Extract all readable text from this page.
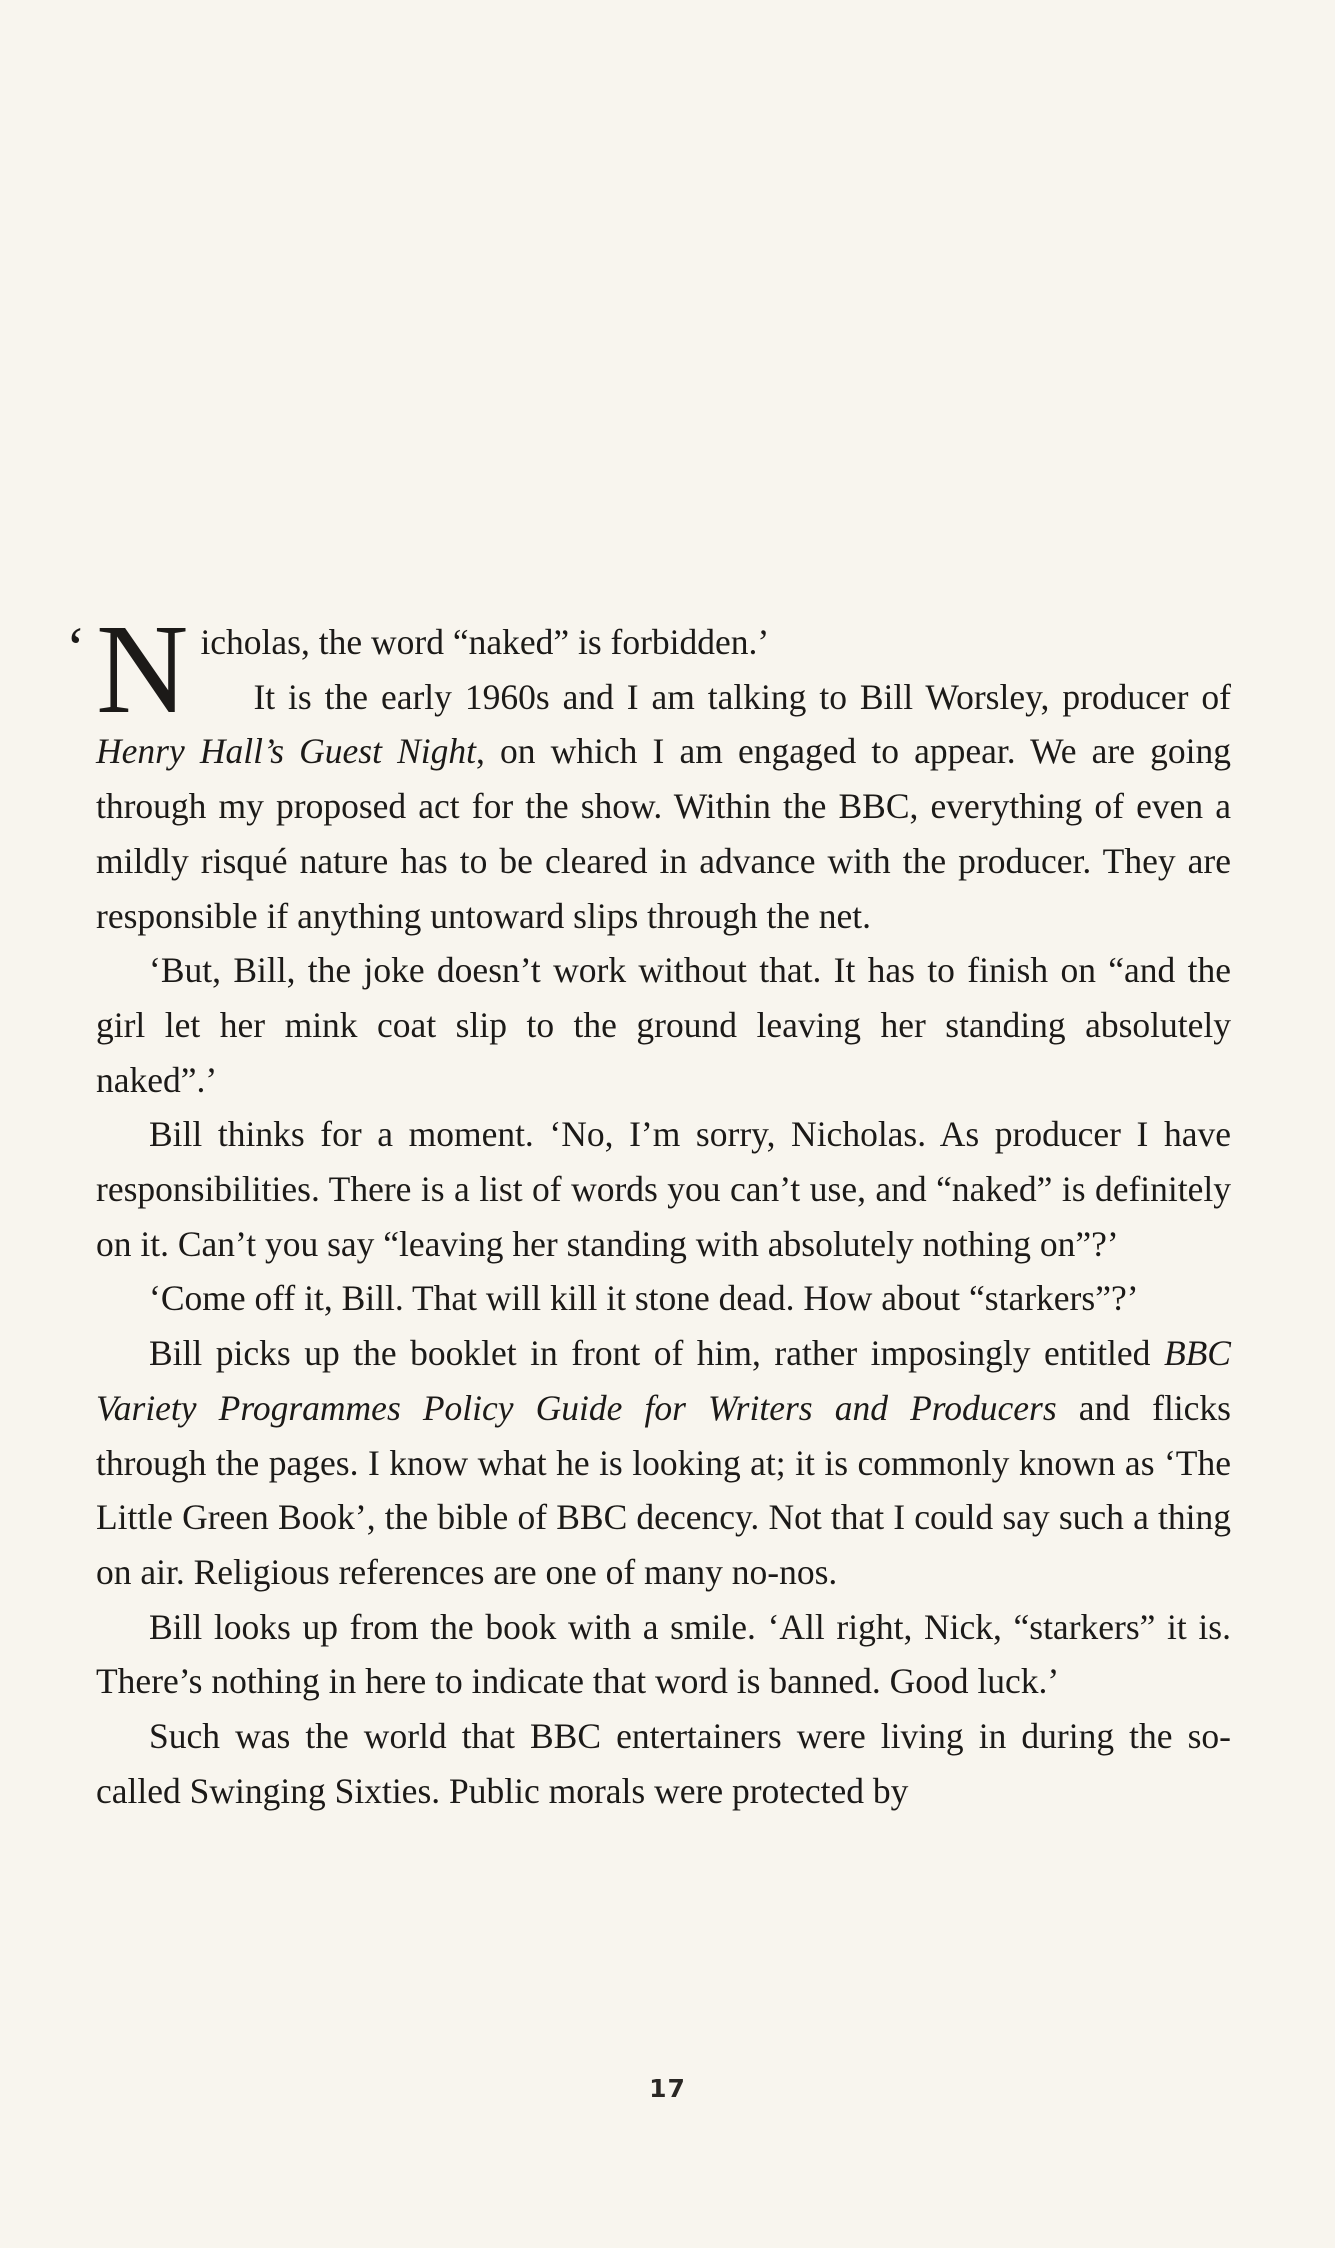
‘ Nicholas, the word “naked” is forbidden.’

It is the early 1960s and I am talking to Bill Worsley, producer of Henry Hall’s Guest Night, on which I am engaged to appear. We are going through my proposed act for the show. Within the BBC, everything of even a mildly risqué nature has to be cleared in advance with the producer. They are responsible if anything untoward slips through the net.

‘But, Bill, the joke doesn’t work without that. It has to finish on “and the girl let her mink coat slip to the ground leaving her standing absolutely naked”.’

Bill thinks for a moment. ‘No, I’m sorry, Nicholas. As producer I have responsibilities. There is a list of words you can’t use, and “naked” is definitely on it. Can’t you say “leaving her standing with absolutely nothing on”?’

‘Come off it, Bill. That will kill it stone dead. How about “starkers”?’

Bill picks up the booklet in front of him, rather imposingly entitled BBC Variety Programmes Policy Guide for Writers and Producers and flicks through the pages. I know what he is looking at; it is commonly known as ‘The Little Green Book’, the bible of BBC decency. Not that I could say such a thing on air. Religious references are one of many no-nos.

Bill looks up from the book with a smile. ‘All right, Nick, “starkers” it is. There’s nothing in here to indicate that word is banned. Good luck.’

Such was the world that BBC entertainers were living in during the so-called Swinging Sixties. Public morals were protected by

17
